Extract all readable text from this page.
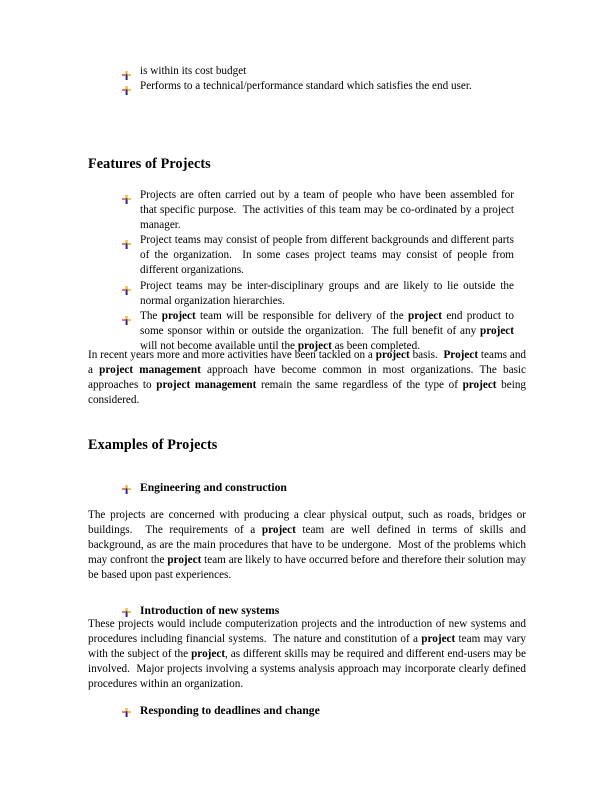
is within its cost budget
Performs to a technical/performance standard which satisfies the end user.
Features of Projects
Projects are often carried out by a team of people who have been assembled for that specific purpose.  The activities of this team may be co-ordinated by a project manager.
Project teams may consist of people from different backgrounds and different parts of the organization.  In some cases project teams may consist of people from different organizations.
Project teams may be inter-disciplinary groups and are likely to lie outside the normal organization hierarchies.
The project team will be responsible for delivery of the project end product to some sponsor within or outside the organization.  The full benefit of any project will not become available until the project as been completed.

In recent years more and more activities have been tackled on a project basis.  Project teams and a project management approach have become common in most organizations. The basic approaches to project management remain the same regardless of the type of project being considered.

Examples of Projects
Engineering and construction

The projects are concerned with producing a clear physical output, such as roads, bridges or buildings.  The requirements of a project team are well defined in terms of skills and background, as are the main procedures that have to be undergone.  Most of the problems which may confront the project team are likely to have occurred before and therefore their solution may be based upon past experiences.

Introduction of new systems

These projects would include computerization projects and the introduction of new systems and procedures including financial systems.  The nature and constitution of a project team may vary with the subject of the project, as different skills may be required and different end-users may be involved.  Major projects involving a systems analysis approach may incorporate clearly defined procedures within an organization.

Responding to deadlines and change
